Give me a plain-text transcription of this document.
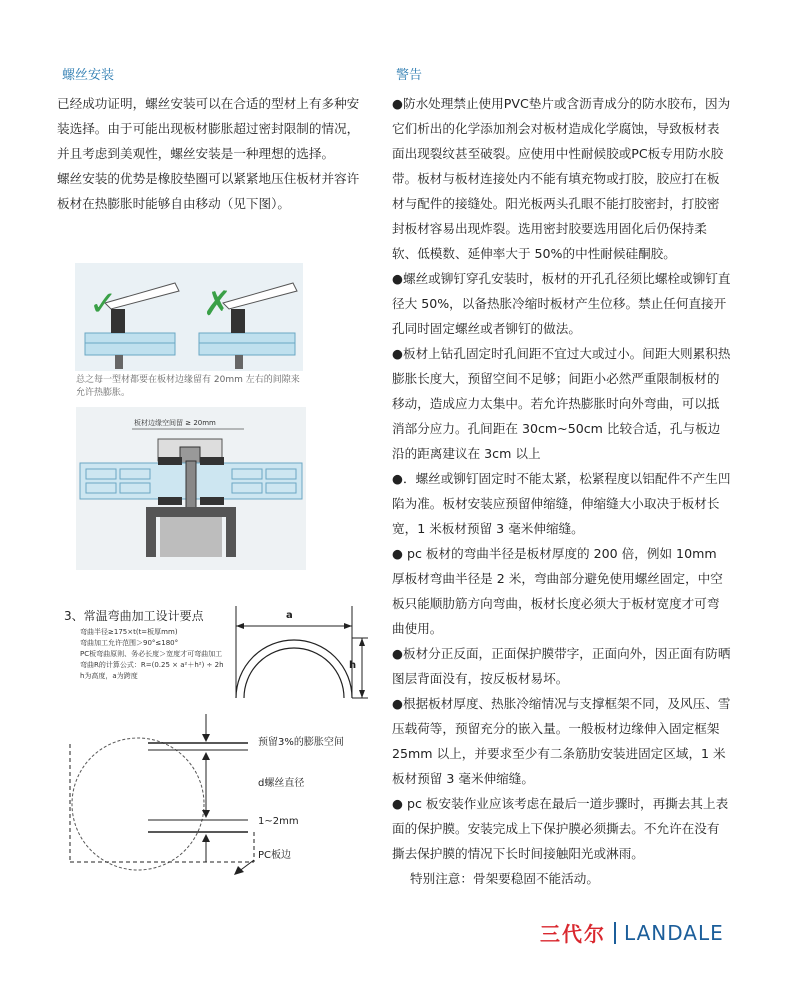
螺丝安装

已经成功证明，螺丝安装可以在合适的型材上有多种安装选择。由于可能出现板材膨胀超过密封限制的情况，并且考虑到美观性，螺丝安装是一种理想的选择。

螺丝安装的优势是橡胶垫圈可以紧紧地压住板材并容许板材在热膨胀时能够自由移动（见下图）。

✓	✗
总之每一型材都要在板材边缘留有 20mm 左右的间隙来允许热膨胀。
板材边缘空间留 ≥ 20mm
3、常温弯曲加工设计要点
弯曲半径≥175×t(t=板厚mm)
弯曲加工允许范围＞90°≤180°
PC板弯曲原则、务必长度＞宽度才可弯曲加工
弯曲R的计算公式：R=(0.25 × a²＋h²) ÷ 2h
h为高度，a为跨度
a
h
预留3%的膨胀空间
d螺丝直径
1~2mm
PC板边
警告

●防水处理禁止使用PVC垫片或含沥青成分的防水胶布，因为它们析出的化学添加剂会对板材造成化学腐蚀，导致板材表面出现裂纹甚至破裂。应使用中性耐候胶或PC板专用防水胶带。板材与板材连接处内不能有填充物或打胶，胶应打在板材与配件的接缝处。阳光板两头孔眼不能打胶密封，打胶密封板材容易出现炸裂。选用密封胶要选用固化后仍保持柔软、低模数、延伸率大于 50%的中性耐候硅酮胶。

●螺丝或铆钉穿孔安装时，板材的开孔孔径须比螺栓或铆钉直径大 50%，以备热胀冷缩时板材产生位移。禁止任何直接开孔同时固定螺丝或者铆钉的做法。

●板材上钻孔固定时孔间距不宜过大或过小。间距大则累积热膨胀长度大，预留空间不足够；间距小必然严重限制板材的移动，造成应力太集中。若允许热膨胀时向外弯曲，可以抵消部分应力。孔间距在 30cm~50cm 比较合适，孔与板边沿的距离建议在 3cm 以上

●．螺丝或铆钉固定时不能太紧，松紧程度以铝配件不产生凹陷为准。板材安装应预留伸缩缝，伸缩缝大小取决于板材长宽，1 米板材预留 3 毫米伸缩缝。

● pc 板材的弯曲半径是板材厚度的 200 倍，例如 10mm 厚板材弯曲半径是 2 米，弯曲部分避免使用螺丝固定，中空板只能顺肋筋方向弯曲，板材长度必须大于板材宽度才可弯曲使用。

●板材分正反面，正面保护膜带字，正面向外，因正面有防晒图层背面没有，按反板材易坏。

●根据板材厚度、热胀冷缩情况与支撑框架不同，及风压、雪压载荷等，预留充分的嵌入量。一般板材边缘伸入固定框架 25mm 以上，并要求至少有二条筋肋安装进固定区域，1 米板材预留 3 毫米伸缩缝。

● pc 板安装作业应该考虑在最后一道步骤时，再撕去其上表面的保护膜。安装完成上下保护膜必须撕去。不允许在没有撕去保护膜的情况下长时间接触阳光或淋雨。

特别注意：骨架要稳固不能活动。

三代尔 LANDALE
